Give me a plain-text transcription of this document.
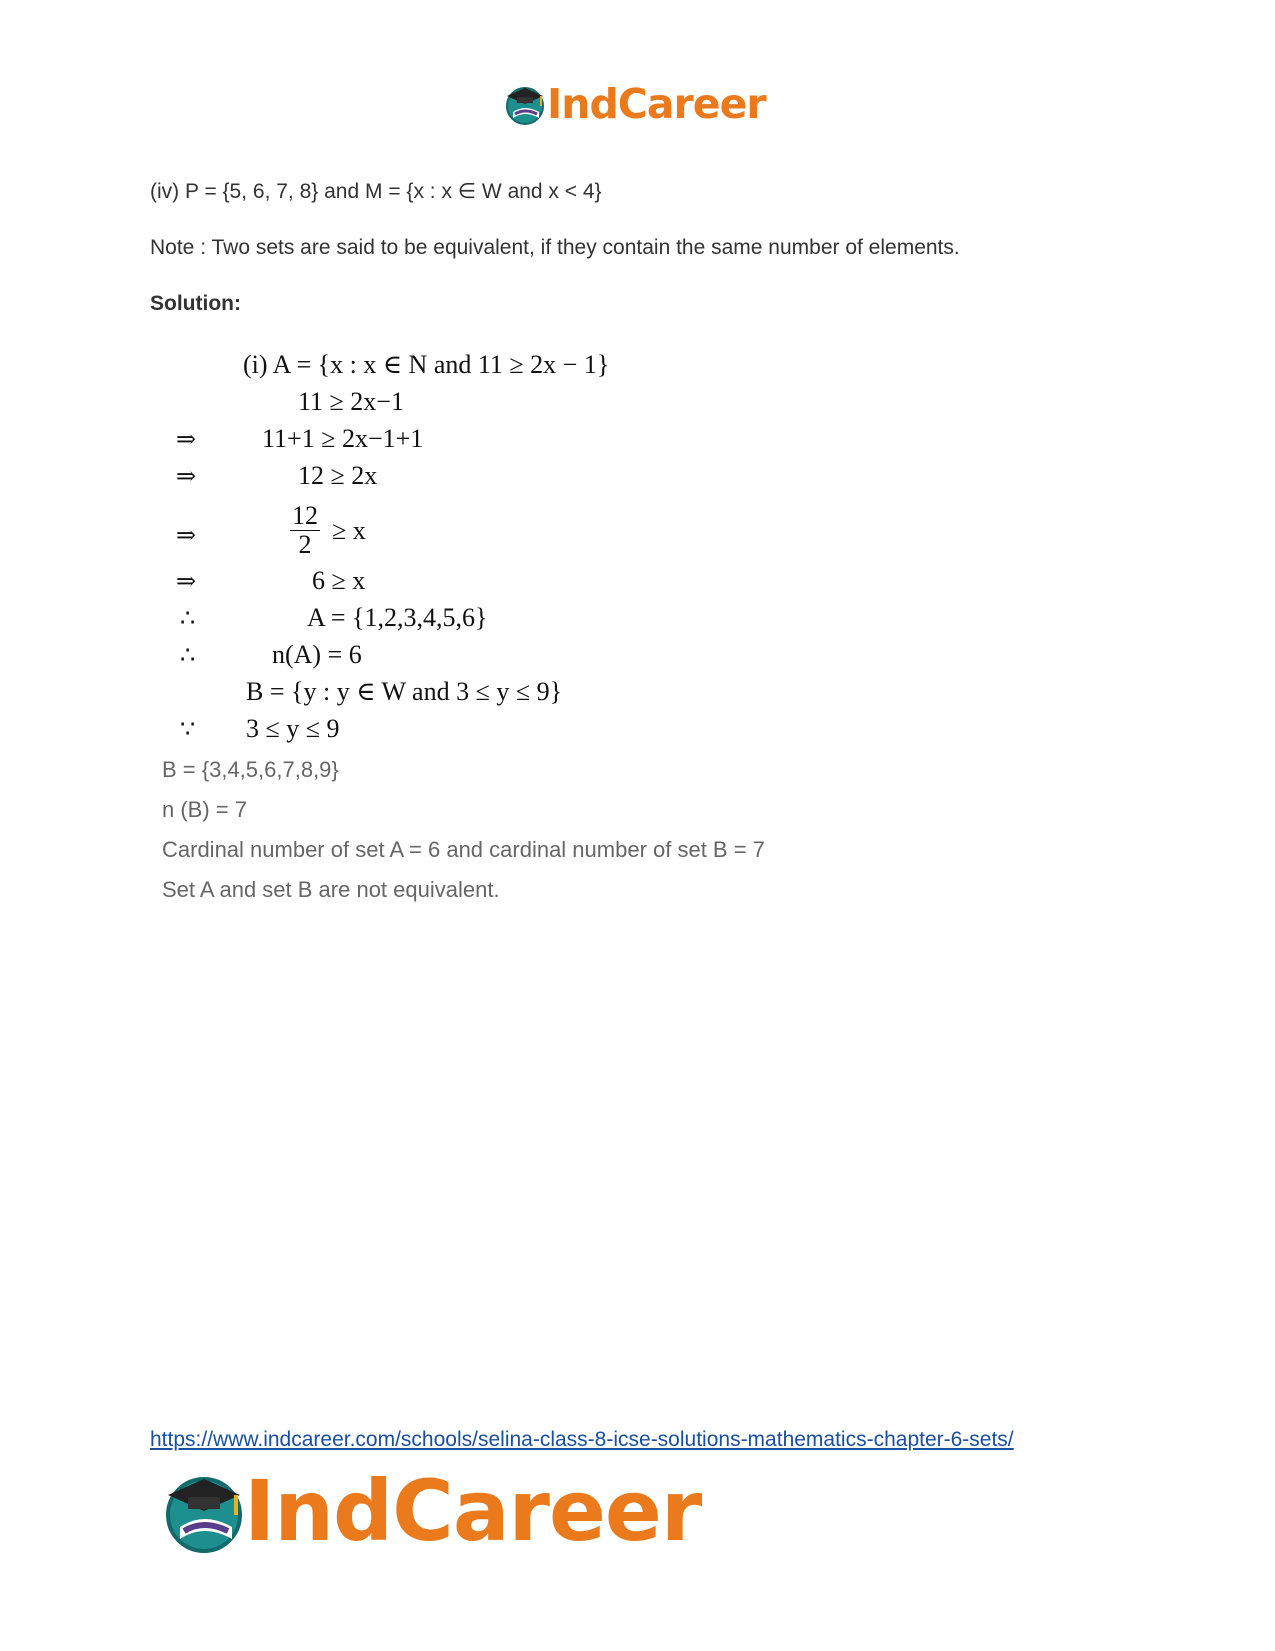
IndCareer
(iv) P = {5, 6, 7, 8} and M = {x : x ∈ W and x < 4}
Note : Two sets are said to be equivalent, if they contain the same number of elements.
Solution:
(i) A = {x : x ∈ N and 11 ≥ 2x − 1}
11 ≥ 2x−1
⇒	11+1 ≥ 2x−1+1
⇒	12 ≥ 2x
⇒	$\frac{12}{2} \ge x$
⇒	6 ≥ x
∴	A = {1,2,3,4,5,6}
∴	n(A) = 6
B = {y : y ∈ W and 3 ≤ y ≤ 9}
∵ 3 ≤ y ≤ 9
B = {3,4,5,6,7,8,9}
n (B) = 7
Cardinal number of set A = 6 and cardinal number of set B = 7
Set A and set B are not equivalent.
https://www.indcareer.com/schools/selina-class-8-icse-solutions-mathematics-chapter-6-sets/
IndCareer
